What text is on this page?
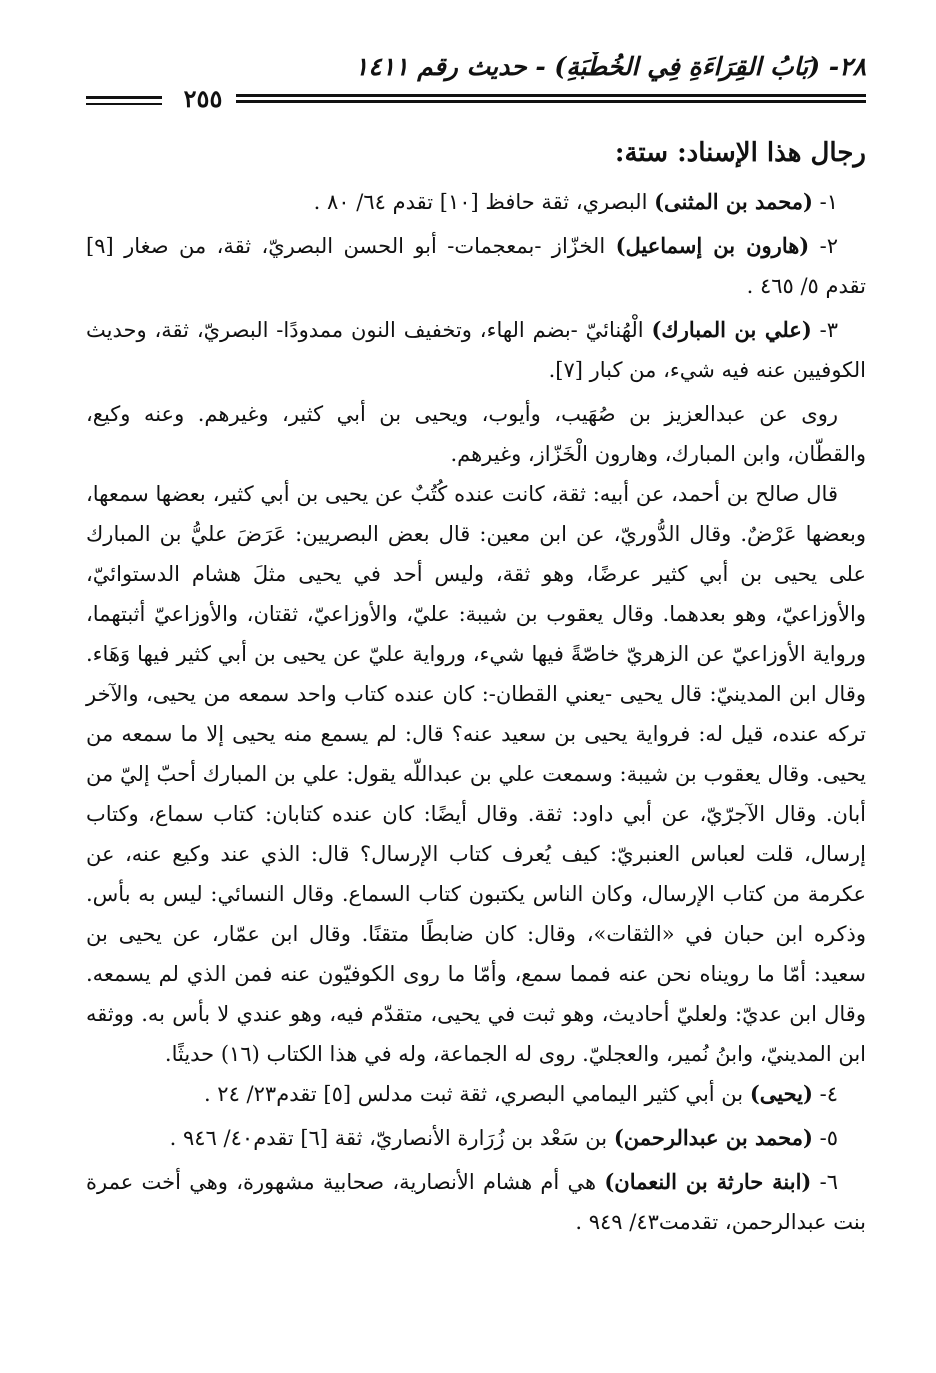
٢٨- (بَابُ القِرَاءَةِ فِي الخُطْبَةِ) - حديث رقم ١٤١١
٢٥٥
رجال هذا الإسناد: ستة:

١- (محمد بن المثنى) البصري، ثقة حافظ [١٠] تقدم ٦٤/ ٨٠ .

٢- (هارون بن إسماعيل) الخزّاز -بمعجمات- أبو الحسن البصريّ، ثقة، من صغار [٩] تقدم ٥/ ٤٦٥ .

٣- (علي بن المبارك) الْهُنائيّ -بضم الهاء، وتخفيف النون ممدودًا- البصريّ، ثقة، وحديث الكوفيين عنه فيه شيء، من كبار [٧].

روى عن عبدالعزيز بن صُهَيب، وأيوب، ويحيى بن أبي كثير، وغيرهم. وعنه وكيع، والقطّان، وابن المبارك، وهارون الْخَزّاز، وغيرهم.

قال صالح بن أحمد، عن أبيه: ثقة، كانت عنده كُتُبٌ عن يحيى بن أبي كثير، بعضها سمعها، وبعضها عَرْضٌ. وقال الدُّوريّ، عن ابن معين: قال بعض البصريين: عَرَضَ عليُّ بن المبارك على يحيى بن أبي كثير عرضًا، وهو ثقة، وليس أحد في يحيى مثلَ هشام الدستوائيّ، والأوزاعيّ، وهو بعدهما. وقال يعقوب بن شيبة: عليّ، والأوزاعيّ، ثقتان، والأوزاعيّ أثبتهما، ورواية الأوزاعيّ عن الزهريّ خاصّةً فيها شيء، ورواية عليّ عن يحيى بن أبي كثير فيها وَهَاء. وقال ابن المدينيّ: قال يحيى -يعني القطان-: كان عنده كتاب واحد سمعه من يحيى، والآخر تركه عنده، قيل له: فرواية يحيى بن سعيد عنه؟ قال: لم يسمع منه يحيى إلا ما سمعه من يحيى. وقال يعقوب بن شيبة: وسمعت علي بن عبداللّه يقول: علي بن المبارك أحبّ إليّ من أبان. وقال الآجرّيّ، عن أبي داود: ثقة. وقال أيضًا: كان عنده كتابان: كتاب سماع، وكتاب إرسال، قلت لعباس العنبريّ: كيف يُعرف كتاب الإرسال؟ قال: الذي عند وكيع عنه، عن عكرمة من كتاب الإرسال، وكان الناس يكتبون كتاب السماع. وقال النسائي: ليس به بأس. وذكره ابن حبان في «الثقات»، وقال: كان ضابطًا متقنًا. وقال ابن عمّار، عن يحيى بن سعيد: أمّا ما رويناه نحن عنه فمما سمع، وأمّا ما روى الكوفيّون عنه فمن الذي لم يسمعه. وقال ابن عديّ: ولعليّ أحاديث، وهو ثبت في يحيى، متقدّم فيه، وهو عندي لا بأس به. ووثقه ابن المدينيّ، وابنُ نُمير، والعجليّ. روى له الجماعة، وله في هذا الكتاب (١٦) حديثًا.

٤- (يحيى) بن أبي كثير اليمامي البصري، ثقة ثبت مدلس [٥] تقدم٢٣/ ٢٤ .

٥- (محمد بن عبدالرحمن) بن سَعْد بن زُرَارة الأنصاريّ، ثقة [٦] تقدم٤٠/ ٩٤٦ .

٦- (ابنة حارثة بن النعمان) هي أم هشام الأنصارية، صحابية مشهورة، وهي أخت عمرة بنت عبدالرحمن، تقدمت٤٣/ ٩٤٩ .
